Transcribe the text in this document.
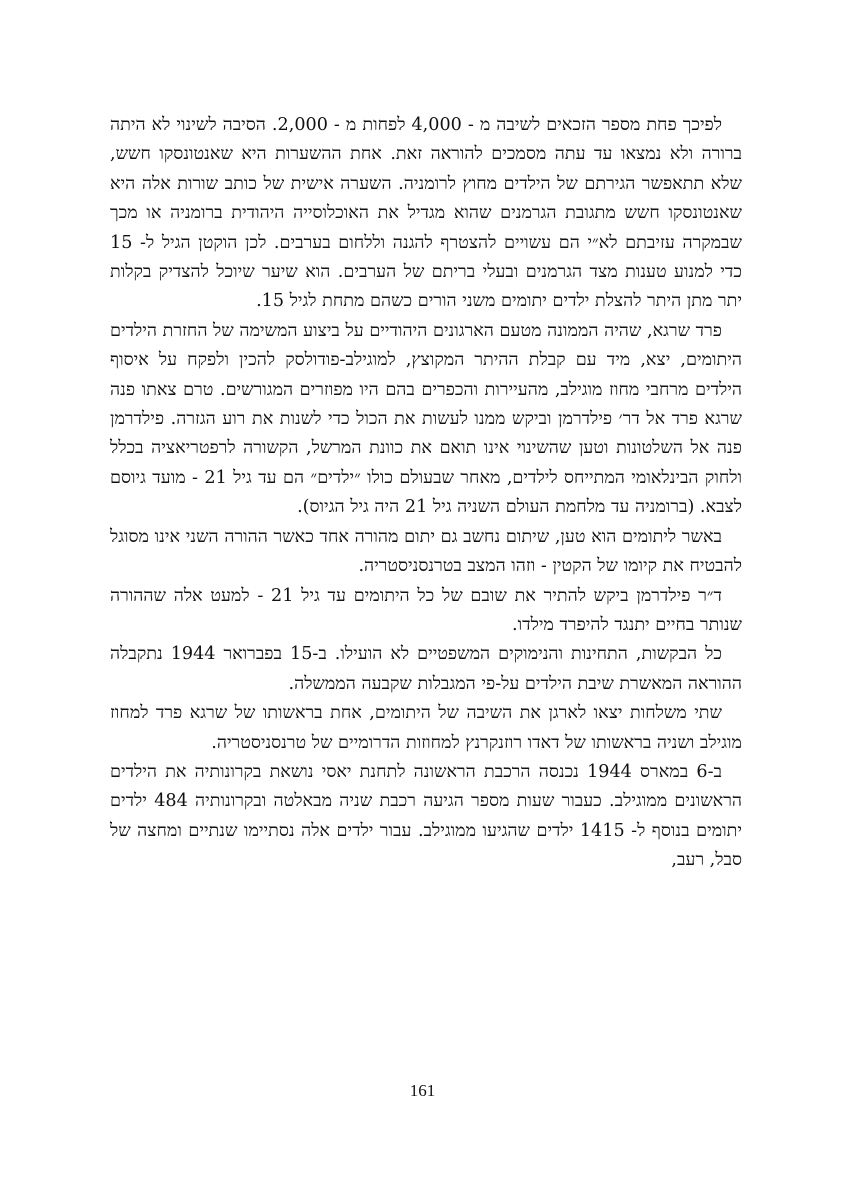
לפיכך פחת מספר הזכאים לשיבה מ - 4,000 לפחות מ - 2,000. הסיבה לשינוי לא היתה ברורה ולא נמצאו עד עתה מסמכים להוראה זאת. אחת ההשערות היא שאנטונסקו חשש, שלא תתאפשר הגירתם של הילדים מחוץ לרומניה. השערה אישית של כותב שורות אלה היא שאנטונסקו חשש מתגובת הגרמנים שהוא מגדיל את האוכלוסייה היהודית ברומניה או מכך שבמקרה עזיבתם לא״י הם עשויים להצטרף להגנה וללחום בערבים. לכן הוקטן הגיל ל- 15 כדי למנוע טענות מצד הגרמנים ובעלי בריתם של הערבים. הוא שיער שיוכל להצדיק בקלות יתר מתן היתר להצלת ילדים יתומים משני הורים כשהם מתחת לגיל 15.

פרד שרגא, שהיה הממונה מטעם הארגונים היהודיים על ביצוע המשימה של החזרת הילדים היתומים, יצא, מיד עם קבלת ההיתר המקוצץ, למוגילב-פודולסק להכין ולפקח על איסוף הילדים מרחבי מחוז מוגילב, מהעיירות והכפרים בהם היו מפוזרים המגורשים. טרם צאתו פנה שרגא פרד אל דר׳ פילדרמן וביקש ממנו לעשות את הכול כדי לשנות את רוע הגזרה. פילדרמן פנה אל השלטונות וטען שהשינוי אינו תואם את כוונת המרשל, הקשורה לרפטריאציה בכלל ולחוק הבינלאומי המתייחס לילדים, מאחר שבעולם כולו ״ילדים״ הם עד גיל 21 - מועד גיוסם לצבא. (ברומניה עד מלחמת העולם השניה גיל 21 היה גיל הגיוס).

באשר ליתומים הוא טען, שיתום נחשב גם יתום מהורה אחד כאשר ההורה השני אינו מסוגל להבטיח את קיומו של הקטין - וזהו המצב בטרנסניסטריה.

ד״ר פילדרמן ביקש להתיר את שובם של כל היתומים עד גיל 21 - למעט אלה שההורה שנותר בחיים יתנגד להיפרד מילדו.

כל הבקשות, התחינות והנימוקים המשפטיים לא הועילו. ב-15 בפברואר 1944 נתקבלה ההוראה המאשרת שיבת הילדים על-פי המגבלות שקבעה הממשלה.

שתי משלחות יצאו לארגן את השיבה של היתומים, אחת בראשותו של שרגא פרד למחוז מוגילב ושניה בראשותו של דאדו רוזנקרנץ למחוזות הדרומיים של טרנסניסטריה.

ב-6 במארס 1944 נכנסה הרכבת הראשונה לתחנת יאסי נושאת בקרונותיה את הילדים הראשונים ממוגילב. כעבור שעות מספר הגיעה רכבת שניה מבאלטה ובקרונותיה 484 ילדים יתומים בנוסף ל- 1415 ילדים שהגיעו ממוגילב. עבור ילדים אלה נסתיימו שנתיים ומחצה של סבל, רעב,

161
